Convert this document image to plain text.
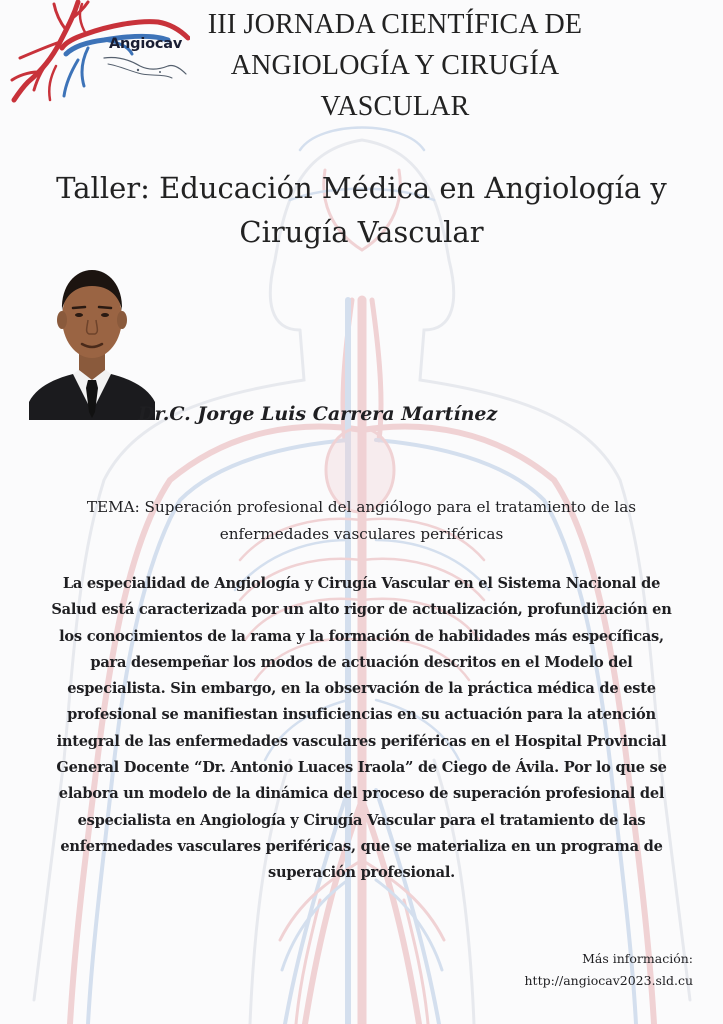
Angiocav
III JORNADA CIENTÍFICA DE
ANGIOLOGÍA Y CIRUGÍA
VASCULAR
Taller: Educación Médica en Angiología y
Cirugía Vascular
Dr.C. Jorge Luis Carrera Martínez
TEMA: Superación profesional del angiólogo para el tratamiento de las
enfermedades vasculares periféricas
La especialidad de Angiología y Cirugía Vascular en el Sistema Nacional de
Salud está caracterizada por un alto rigor de actualización, profundización en
los conocimientos de la rama y la formación de habilidades más específicas,
para desempeñar los modos de actuación descritos en el Modelo del
especialista. Sin embargo, en la observación de la práctica médica de este
profesional se manifiestan insuficiencias en su actuación para la atención
integral de las enfermedades vasculares periféricas en el Hospital Provincial
General Docente “Dr. Antonio Luaces Iraola” de Ciego de Ávila. Por lo que se
elabora un modelo de la dinámica del proceso de superación profesional del
especialista en Angiología y Cirugía Vascular para el tratamiento de las
enfermedades vasculares periféricas, que se materializa en un programa de
superación profesional.
Más información:
http://angiocav2023.sld.cu
